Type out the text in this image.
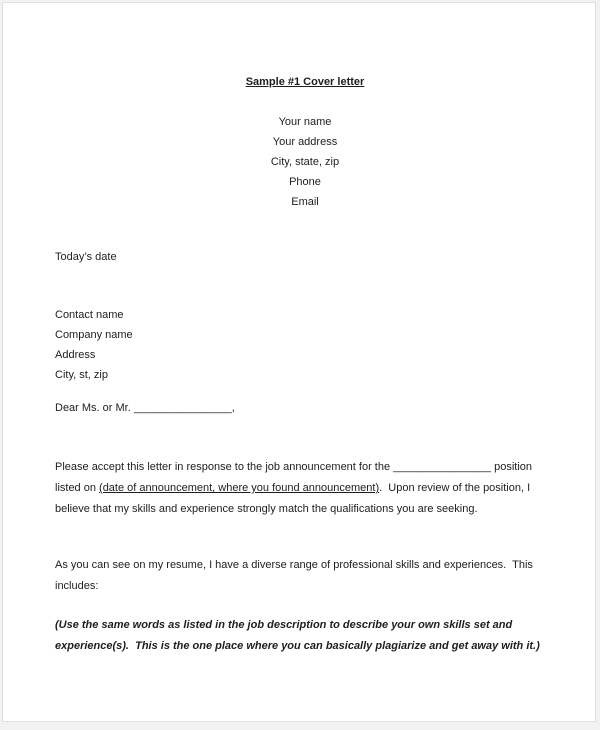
Sample #1 Cover letter
Your name
Your address
City, state, zip
Phone
Email
Today’s date
Contact name
Company name
Address
City, st, zip
Dear Ms. or Mr. ________________,

Please accept this letter in response to the job announcement for the ________________ position listed on (date of announcement, where you found announcement).  Upon review of the position, I believe that my skills and experience strongly match the qualifications you are seeking.

As you can see on my resume, I have a diverse range of professional skills and experiences.  This includes:

(Use the same words as listed in the job description to describe your own skills set and experience(s).  This is the one place where you can basically plagiarize and get away with it.)
